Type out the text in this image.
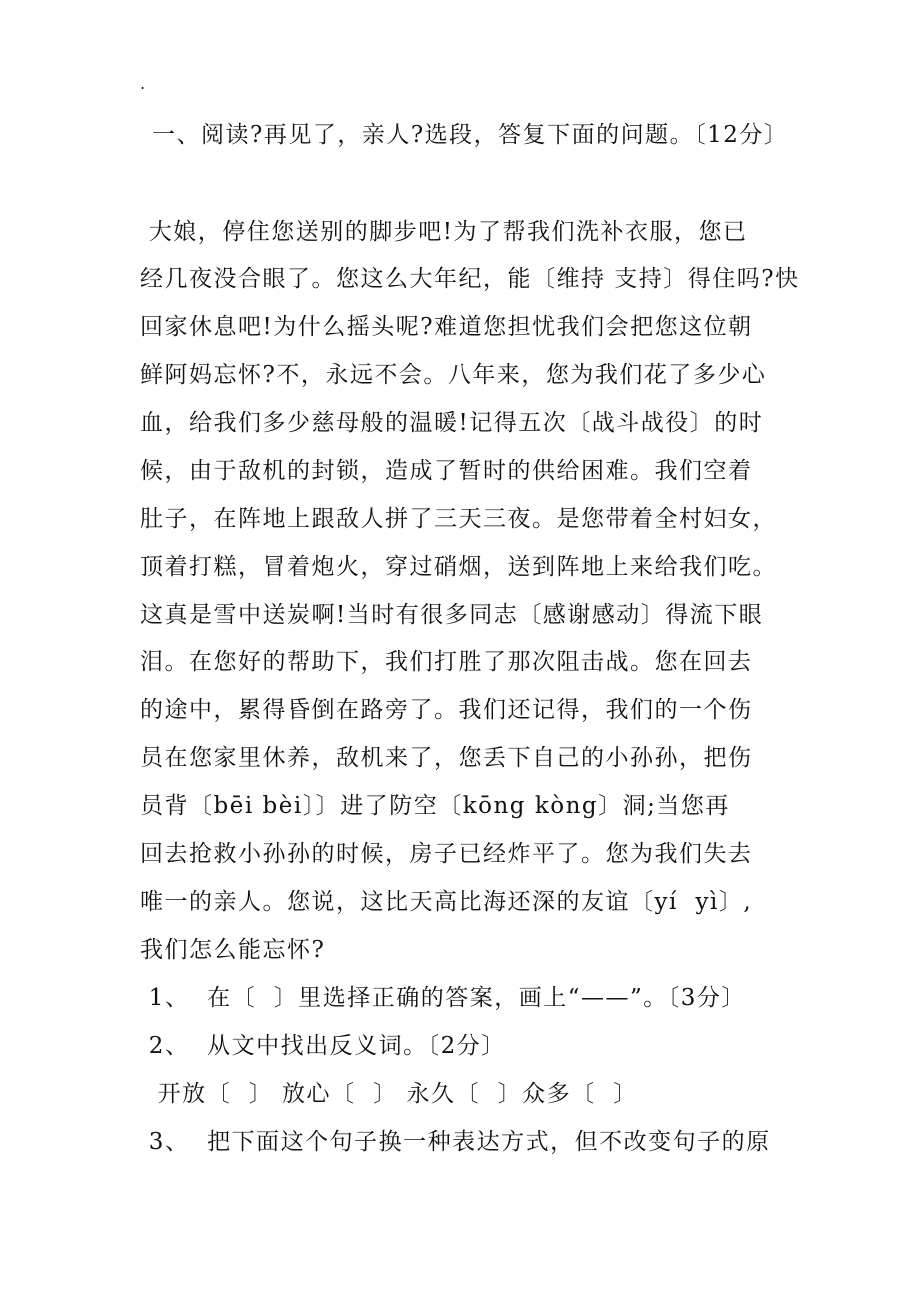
.
一、阅读?再见了，亲人?选段，答复下面的问题。〔12分〕
大娘，停住您送别的脚步吧!为了帮我们洗补衣服，您已
经几夜没合眼了。您这么大年纪，能〔维持 支持〕得住吗?快
回家休息吧!为什么摇头呢?难道您担忧我们会把您这位朝
鲜阿妈忘怀?不，永远不会。八年来，您为我们花了多少心
血，给我们多少慈母般的温暖!记得五次〔战斗战役〕的时
候，由于敌机的封锁，造成了暂时的供给困难。我们空着
肚子，在阵地上跟敌人拼了三天三夜。是您带着全村妇女，
顶着打糕，冒着炮火，穿过硝烟，送到阵地上来给我们吃。
这真是雪中送炭啊!当时有很多同志〔感谢感动〕得流下眼
泪。在您好的帮助下，我们打胜了那次阻击战。您在回去
的途中，累得昏倒在路旁了。我们还记得，我们的一个伤
员在您家里休养，敌机来了，您丢下自己的小孙孙，把伤
员背〔bēi bèi〕〕进了防空〔kōng kòng〕洞;当您再
回去抢救小孙孙的时候，房子已经炸平了。您为我们失去
唯一的亲人。您说，这比天高比海还深的友谊〔yí  yì〕,
我们怎么能忘怀?
1、  在〔  〕里选择正确的答案，画上“——”。〔3分〕
2、  从文中找出反义词。〔2分〕
开放〔  〕 放心〔  〕 永久〔  〕众多〔  〕
3、  把下面这个句子换一种表达方式，但不改变句子的原
